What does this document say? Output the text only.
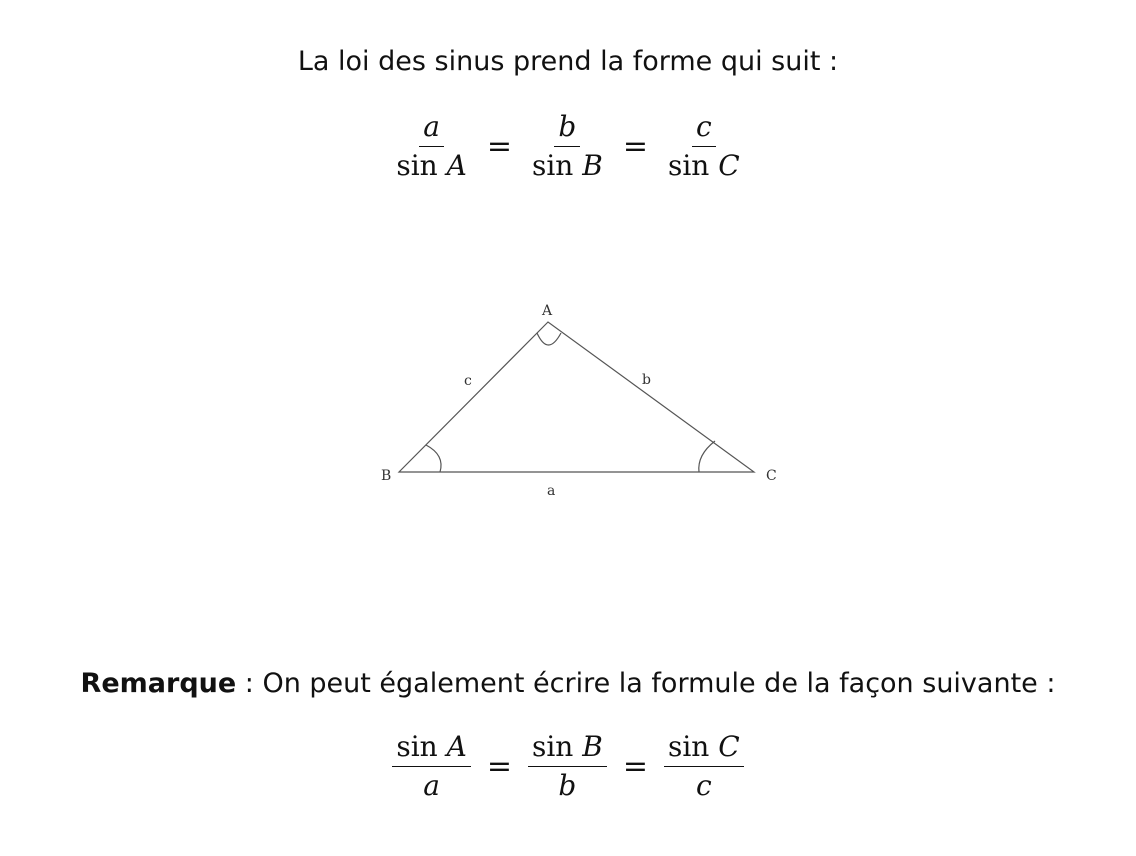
La loi des sinus prend la forme qui suit :
$\frac{a}{\text{sin A}} = \frac{b}{\text{sin B}} = \frac{c}{\text{sin C}}$
A
B	C
a
b
c
Remarque : On peut également écrire la formule de la façon suivante :
$\frac{\text{sin A}}{a} = \frac{\text{sin B}}{b} = \frac{\text{sin C}}{c}$
